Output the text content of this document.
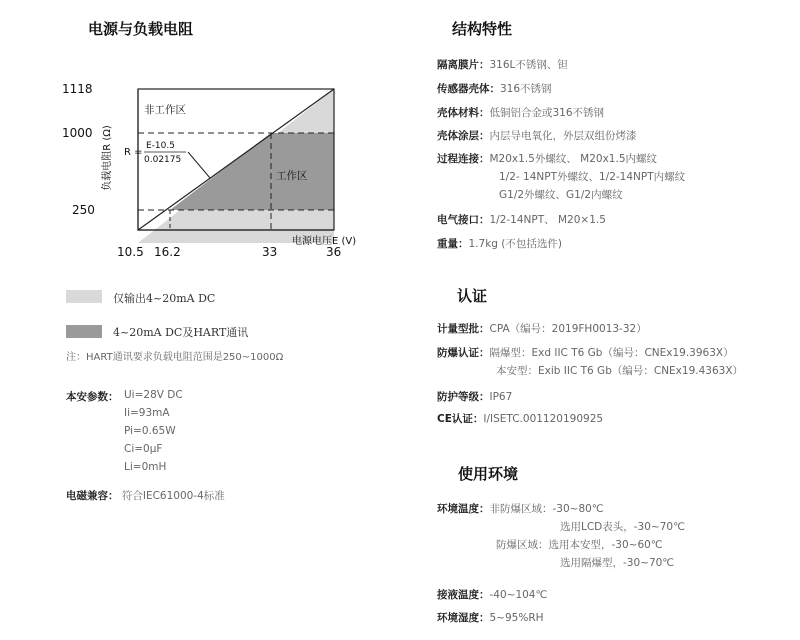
电源与负载电阻
1118
1000
250
10.5 16.2	33	36
负载电阻R (Ω)
电源电压E (V)
非工作区
工作区
R =
E-10.5
0.02175
仅输出4~20mA DC
4~20mA DC及HART通讯
注：HART通讯要求负载电阻范围是250~1000Ω
本安参数： Ui=28V DC
Ii=93mA
Pi=0.65W
Ci=0μF
Li=0mH
电磁兼容： 符合IEC61000-4标准
结构特性
隔离膜片：316L不锈钢、钽
传感器壳体：316不锈钢
壳体材料：低铜铝合金或316不锈钢
壳体涂层：内层导电氧化，外层双组份烤漆
过程连接：M20x1.5外螺纹、 M20x1.5内螺纹
1/2- 14NPT外螺纹、1/2-14NPT内螺纹
G1/2外螺纹、G1/2内螺纹
电气接口：1/2-14NPT、 M20×1.5
重量：1.7kg (不包括选件)
认证
计量型批：CPA（编号：2019FH0013-32）
防爆认证：隔爆型：Exd IIC T6 Gb（编号：CNEx19.3963X）
本安型：Exib IIC T6 Gb（编号：CNEx19.4363X）
防护等级：IP67
CE认证：I/ISETC.001120190925
使用环境
环境温度：非防爆区域：-30~80℃
选用LCD表头，-30~70℃
防爆区域：选用本安型，-30~60℃
选用隔爆型，-30~70℃
接液温度：-40~104℃
环境湿度：5~95%RH
